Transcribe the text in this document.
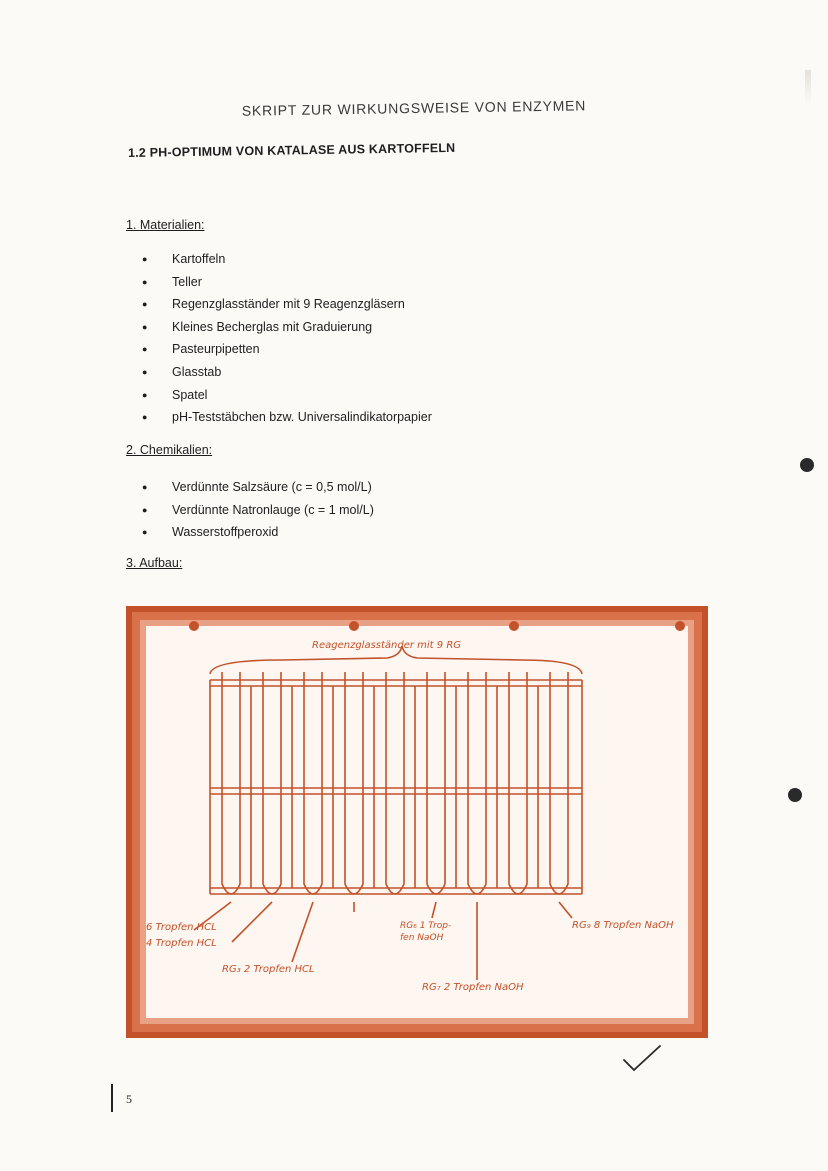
SKRIPT ZUR WIRKUNGSWEISE VON ENZYMEN
1.2 PH-OPTIMUM VON KATALASE AUS KARTOFFELN
1. Materialien:
● Kartoffeln
● Teller
● Regenzglasständer mit 9 Reagenzgläsern
● Kleines Becherglas mit Graduierung
● Pasteurpipetten
● Glasstab
● Spatel
● pH-Teststäbchen bzw. Universalindikatorpapier
2. Chemikalien:
● Verdünnte Salzsäure (c = 0,5 mol/L)
● Verdünnte Natronlauge (c = 1 mol/L)
● Wasserstoffperoxid
3. Aufbau:
Reagenzglasständer mit 9 RG
6 Tropfen HCL
4 Tropfen HCL
RG₃ 2 Tropfen HCL
RG₆ 1 Trop-
fen NaOH
RG₇ 2 Tropfen NaOH
RG₉ 8 Tropfen NaOH
5
